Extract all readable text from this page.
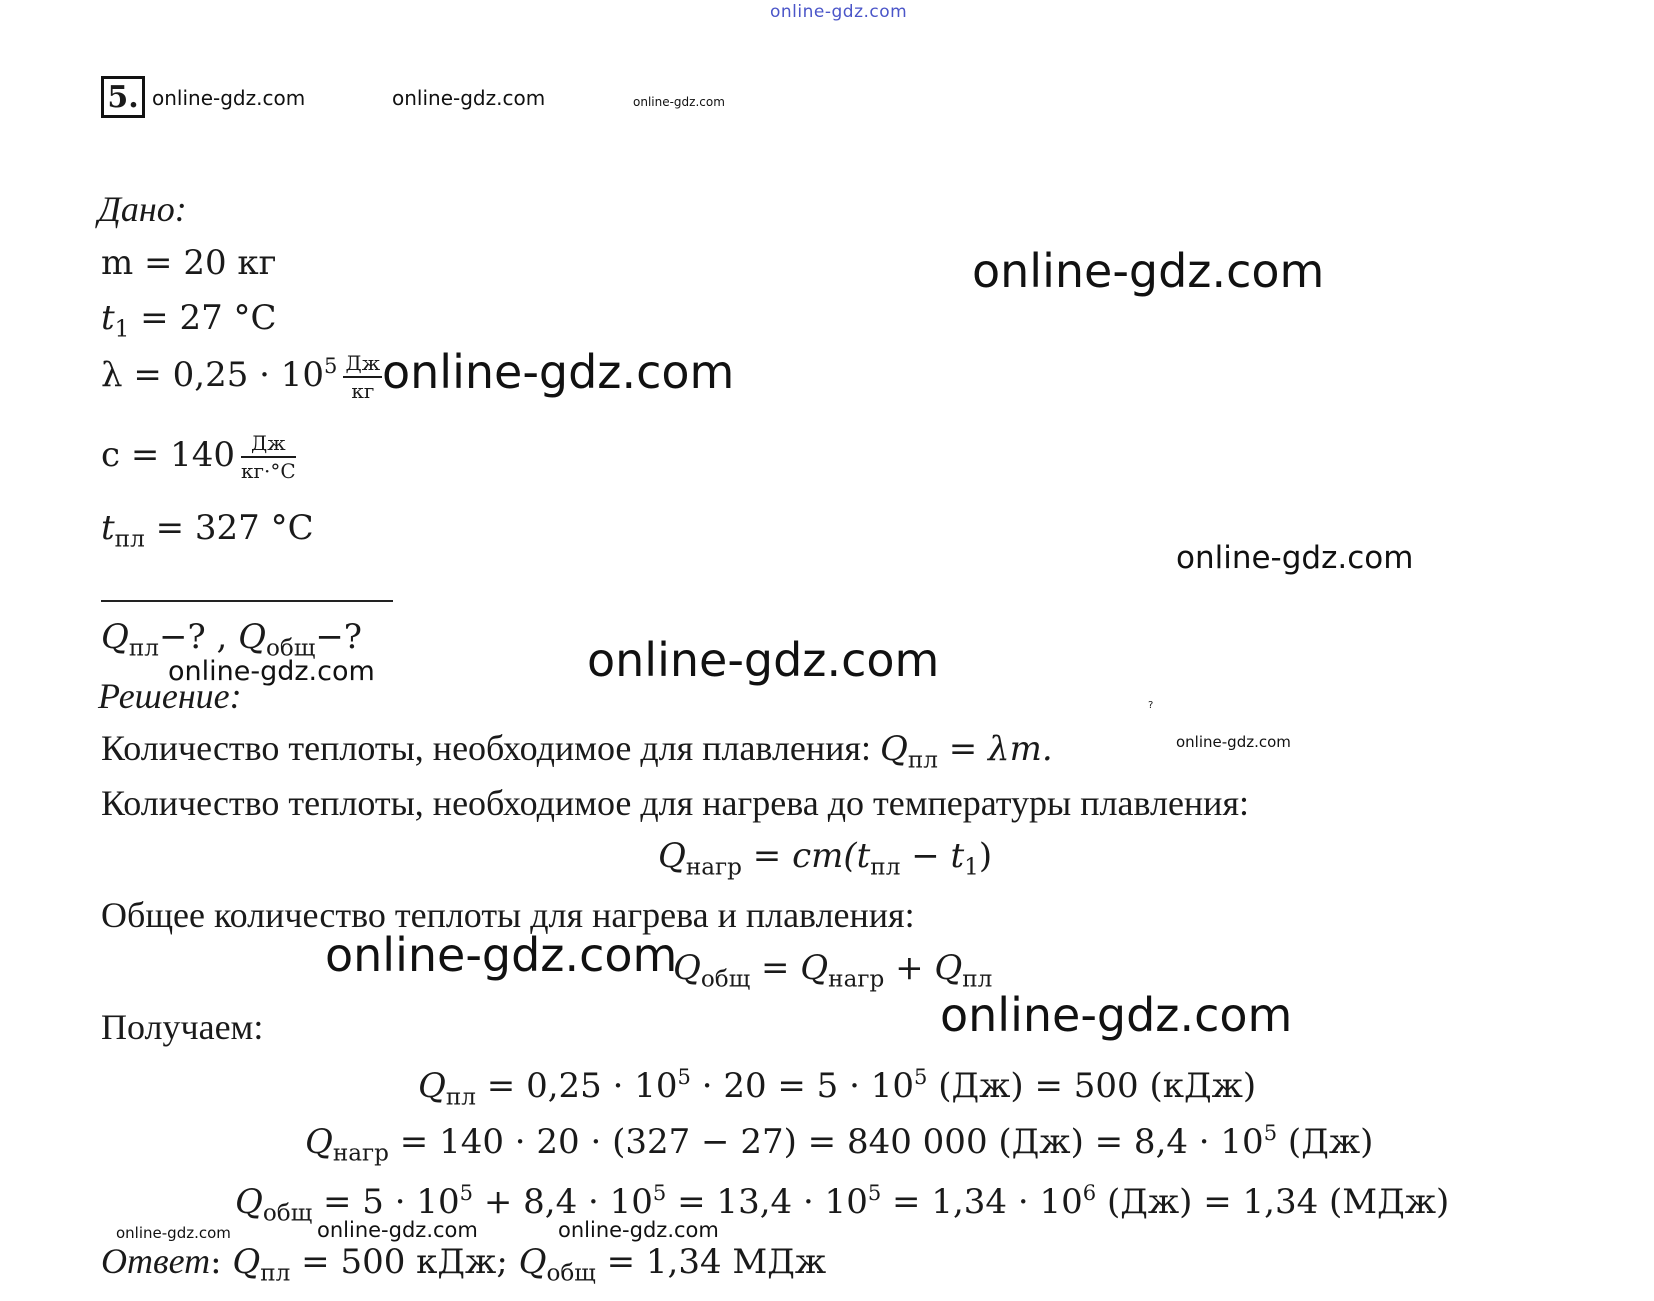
online-gdz.com
5. online-gdz.com	online-gdz.com	online-gdz.com
Дано:
m = 20 кг
$t_1 = 27$ °C
$\lambda = 0,25 \cdot 10^5 \frac{Дж}{кг}$
$c = 140 \frac{Дж}{кг\cdot^\circ C}$
$t_{пл} = 327$ °C
$Q_{пл}-$? , $Q_{общ}-$?
online-gdz.com
Решение:
Количество теплоты, необходимое для плавления: $Q_{пл} = \lambda m$.
?
online-gdz.com
Количество теплоты, необходимое для нагрева до температуры плавления:
$Q_{нагр} = cm(t_{пл} - t_1)$
Общее количество теплоты для нагрева и плавления:
$Q_{общ} = Q_{нагр} + Q_{пл}$
Получаем:
$Q_{пл} = 0,25 \cdot 10^5 \cdot 20 = 5 \cdot 10^5$ (Дж) = 500 (кДж)
$Q_{нагр} = 140 \cdot 20 \cdot (327 - 27) = 840$ 000 $(Дж) = 8,4 \cdot 10^5$ (Дж)
$Q_{общ} = 5 \cdot 10^5 + 8,4 \cdot 10^5 = 13,4 \cdot 10^5 = 1,34 \cdot 10^6$ (Дж) = 1,34 (МДж)
online-gdz.com	online-gdz.com	online-gdz.com
Ответ: $Q_{пл} = 500$ кДж; $Q_{общ} = 1,34$ МДж
online-gdz.com
online-gdz.com
online-gdz.com
online-gdz.com
online-gdz.com
online-gdz.com
